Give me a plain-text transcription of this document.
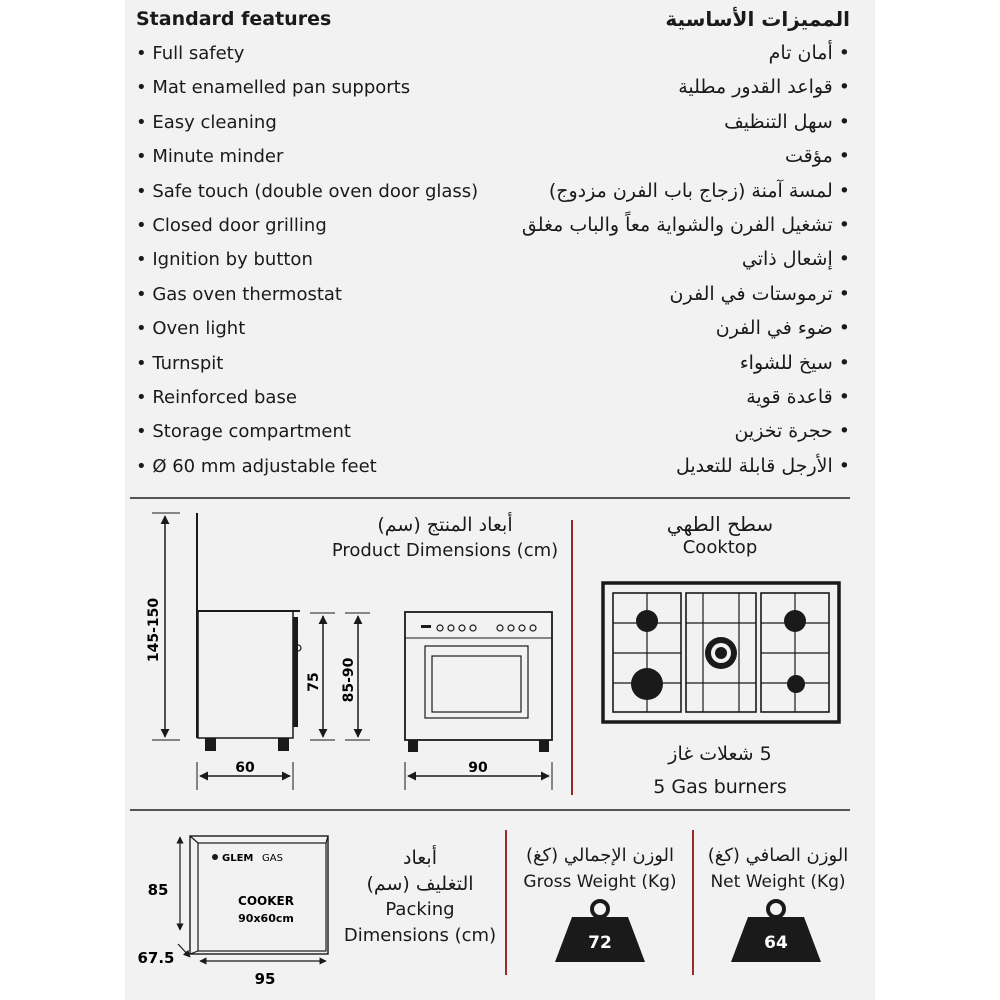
Standard features	المميزات الأساسية
• Full safety	• أمان تام
• Mat enamelled pan supports	• قواعد القدور مطلية
• Easy cleaning	• سهل التنظيف
• Minute minder	• مؤقت
• Safe touch (double oven door glass)	• لمسة آمنة (زجاج باب الفرن مزدوج)
• Closed door grilling	• تشغيل الفرن والشواية معاً والباب مغلق
• Ignition by button	• إشعال ذاتي
• Gas oven thermostat	• ترموستات في الفرن
• Oven light	• ضوء في الفرن
• Turnspit	• سيخ للشواء
• Reinforced base	• قاعدة قوية
• Storage compartment	• حجرة تخزين
• Ø 60 mm adjustable feet	• الأرجل قابلة للتعديل
أبعاد المنتج (سم)
Product Dimensions (cm)
145-150
75 85-90
60	90
GLEM GAS
COOKER
90x60cm
85
67.5
95
72	64
سطح الطهي
Cooktop
5 شعلات غاز
5 Gas burners
أبعاد
التغليف (سم)
Packing
Dimensions (cm)
الوزن الإجمالي (كغ)
Gross Weight (Kg)
الوزن الصافي (كغ)
Net Weight (Kg)
